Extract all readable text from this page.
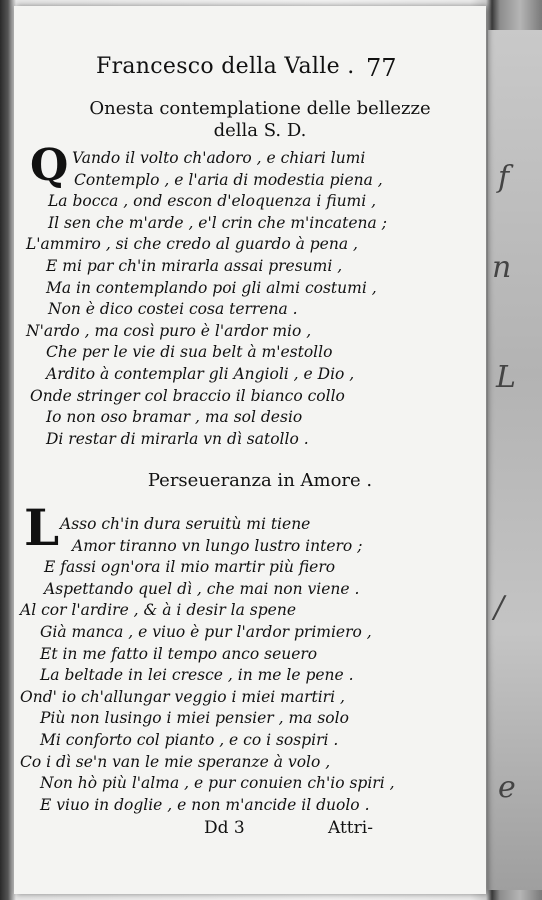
f
n
L
/
e
Francesco della Valle . 77
Onesta contemplatione delle bellezze
della S. D.
Q Vando il volto ch'adoro , e chiari lumi
Contemplo , e l'aria di modestia piena ,
La bocca , ond escon d'eloquenza i fiumi ,
Il sen che m'arde , e'l crin che m'incatena ;
L'ammiro , si che credo al guardo à pena ,
E mi par ch'in mirarla assai presumi ,
Ma in contemplando poi gli almi costumi ,
Non è dico costei cosa terrena .
N'ardo , ma così puro è l'ardor mio ,
Che per le vie di sua belt à m'estollo
Ardito à contemplar gli Angioli , e Dio ,
Onde stringer col braccio il bianco collo
Io non oso bramar , ma sol desio
Di restar di mirarla vn dì satollo .
Perseueranza in Amore .
L Asso ch'in dura seruitù mi tiene
Amor tiranno vn lungo lustro intero ;
E fassi ogn'ora il mio martir più fiero
Aspettando quel dì , che mai non viene .
Al cor l'ardire , & à i desir la spene
Già manca , e viuo è pur l'ardor primiero ,
Et in me fatto il tempo anco seuero
La beltade in lei cresce , in me le pene .
Ond' io ch'allungar veggio i miei martiri ,
Più non lusingo i miei pensier , ma solo
Mi conforto col pianto , e co i sospiri .
Co i dì se'n van le mie speranze à volo ,
Non hò più l'alma , e pur conuien ch'io spiri ,
E viuo in doglie , e non m'ancide il duolo .
Dd 3	Attri-
